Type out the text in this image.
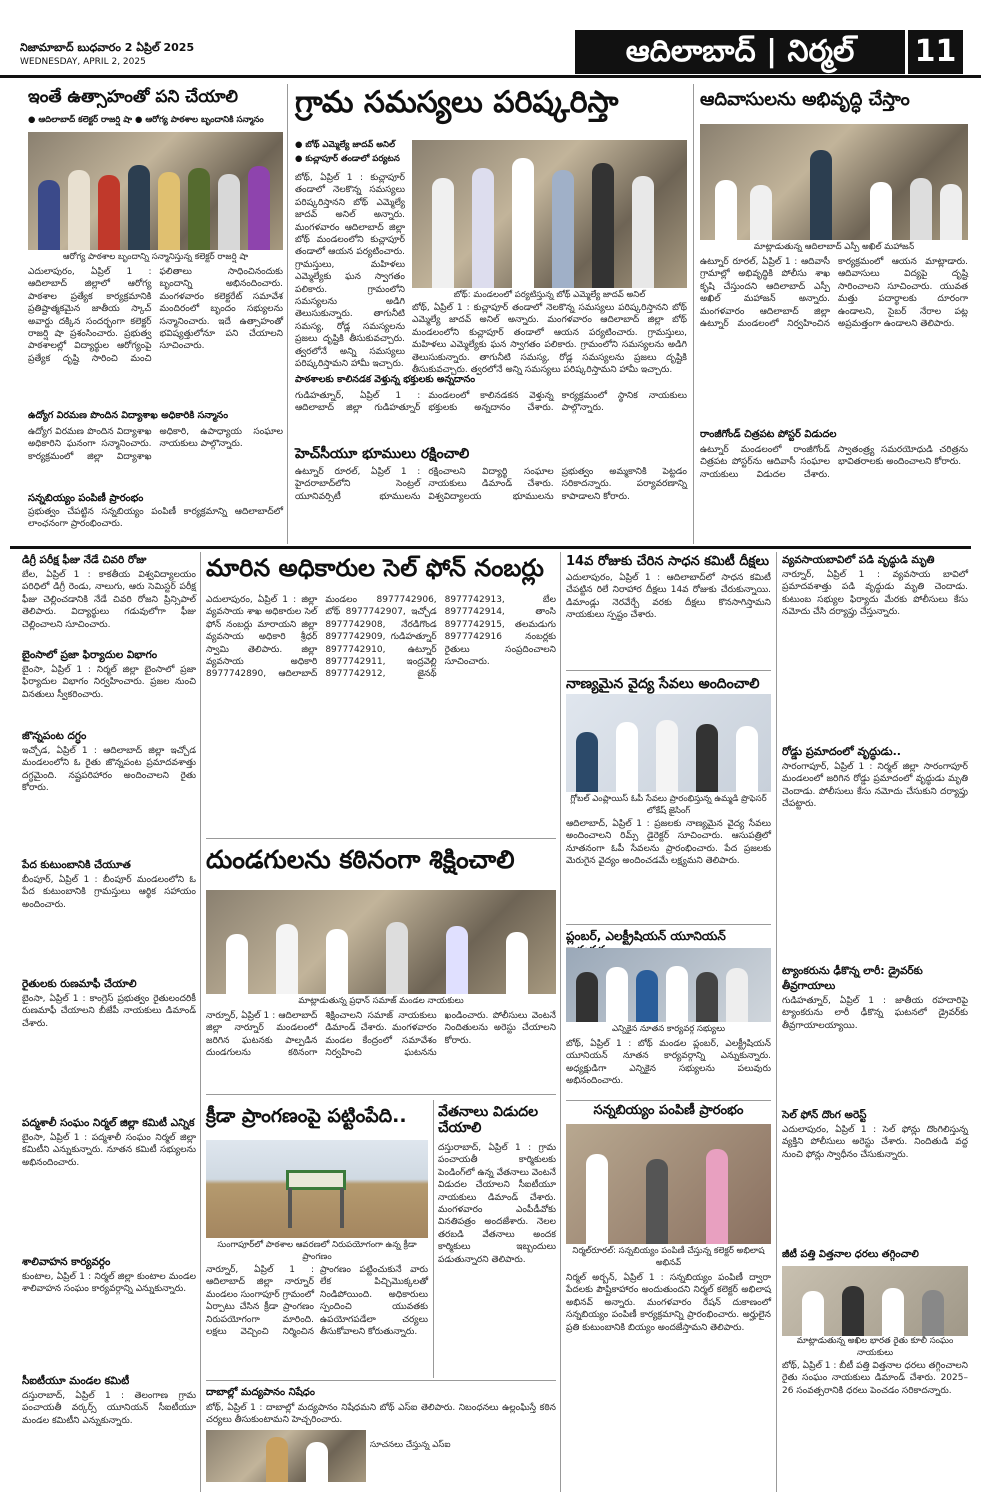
నిజామాబాద్ బుధవారం 2 ఏప్రిల్ 2025
WEDNESDAY, APRIL 2, 2025	ఆదిలాబాద్ | నిర్మల్	11
ఇంతే ఉత్సాహంతో పని చేయాలి
● ఆదిలాబాద్ కలెక్టర్ రాజర్షి షా ● ఆరోగ్య పాఠశాల బృందానికి సన్మానం
ఆరోగ్య పాఠశాల బృందాన్ని సన్మానిస్తున్న కలెక్టర్ రాజర్షి షా
ఎదులాపురం, ఏప్రిల్ 1 : ఆదిలాబాద్ జిల్లాలో ఆరోగ్య పాఠశాల ప్రత్యేక కార్యక్రమానికి ప్రతిష్టాత్మకమైన జాతీయ స్కాచ్ అవార్డు దక్కిన సందర్భంగా కలెక్టర్ రాజర్షి షా ప్రశంసించారు. ప్రభుత్వ పాఠశాలల్లో విద్యార్థుల ఆరోగ్యంపై ప్రత్యేక దృష్టి సారించి మంచి ఫలితాలు సాధించినందుకు బృందాన్ని అభినందించారు. మంగళవారం కలెక్టరేట్ సమావేశ మందిరంలో బృందం సభ్యులను సన్మానించారు. ఇదే ఉత్సాహంతో భవిష్యత్తులోనూ పని చేయాలని సూచించారు.
ఉద్యోగ విరమణ పొందిన విద్యాశాఖ అధికారికి సన్మానం
ఉద్యోగ విరమణ పొందిన విద్యాశాఖ అధికారిని ఘనంగా సన్మానించారు. కార్యక్రమంలో జిల్లా విద్యాశాఖ అధికారి, ఉపాధ్యాయ సంఘాల నాయకులు పాల్గొన్నారు.
సన్నబియ్యం పంపిణీ ప్రారంభం
ప్రభుత్వం చేపట్టిన సన్నబియ్యం పంపిణీ కార్యక్రమాన్ని ఆదిలాబాద్‌లో లాంఛనంగా ప్రారంభించారు.
గ్రామ సమస్యలు పరిష్కరిస్తా
● బోథ్ ఎమ్మెల్యే జాదవ్ అనిల్
● కుచ్లాపూర్ తండాలో పర్యటన
బోథ్, ఏప్రిల్ 1 : కుచ్లాపూర్ తండాలో నెలకొన్న సమస్యలు పరిష్కరిస్తానని బోథ్ ఎమ్మెల్యే జాదవ్ అనిల్ అన్నారు. మంగళవారం ఆదిలాబాద్ జిల్లా బోథ్ మండలంలోని కుచ్లాపూర్ తండాలో ఆయన పర్యటించారు. గ్రామస్తులు, మహిళలు ఎమ్మెల్యేకు ఘన స్వాగతం పలికారు. గ్రామంలోని సమస్యలను అడిగి తెలుసుకున్నారు. తాగునీటి సమస్య, రోడ్ల సమస్యలను ప్రజలు దృష్టికి తీసుకువచ్చారు. త్వరలోనే అన్ని సమస్యలు పరిష్కరిస్తామని హామీ ఇచ్చారు.
బోథ్: మండలంలో పర్యటిస్తున్న బోథ్ ఎమ్మెల్యే జాదవ్ అనిల్
బోథ్, ఏప్రిల్ 1 : కుచ్లాపూర్ తండాలో నెలకొన్న సమస్యలు పరిష్కరిస్తానని బోథ్ ఎమ్మెల్యే జాదవ్ అనిల్ అన్నారు. మంగళవారం ఆదిలాబాద్ జిల్లా బోథ్ మండలంలోని కుచ్లాపూర్ తండాలో ఆయన పర్యటించారు. గ్రామస్తులు, మహిళలు ఎమ్మెల్యేకు ఘన స్వాగతం పలికారు. గ్రామంలోని సమస్యలను అడిగి తెలుసుకున్నారు. తాగునీటి సమస్య, రోడ్ల సమస్యలను ప్రజలు దృష్టికి తీసుకువచ్చారు. త్వరలోనే అన్ని సమస్యలు పరిష్కరిస్తామని హామీ ఇచ్చారు.
పాఠశాలకు కాలినడక వెళ్తున్న భక్తులకు అన్నదానం
గుడిహత్నూర్, ఏప్రిల్ 1 : ఆదిలాబాద్ జిల్లా గుడిహత్నూర్ మండలంలో కాలినడకన వెళ్తున్న భక్తులకు అన్నదానం చేశారు. కార్యక్రమంలో స్థానిక నాయకులు పాల్గొన్నారు.
హెచ్‌సీయూ భూములు రక్షించాలి
ఉట్నూర్ రూరల్, ఏప్రిల్ 1 : హైదరాబాద్‌లోని సెంట్రల్ యూనివర్సిటీ భూములను రక్షించాలని విద్యార్థి సంఘాల నాయకులు డిమాండ్ చేశారు. విశ్వవిద్యాలయ భూములను ప్రభుత్వం అమ్మకానికి పెట్టడం సరికాదన్నారు. పర్యావరణాన్ని కాపాడాలని కోరారు.
ఆదివాసులను అభివృద్ధి చేస్తాం
మాట్లాడుతున్న ఆదిలాబాద్ ఎస్పీ అఖిల్ మహాజన్
ఉట్నూర్ రూరల్, ఏప్రిల్ 1 : ఆదివాసీ గ్రామాల్లో అభివృద్ధికి పోలీసు శాఖ కృషి చేస్తుందని ఆదిలాబాద్ ఎస్పీ అఖిల్ మహాజన్ అన్నారు. మంగళవారం ఆదిలాబాద్ జిల్లా ఉట్నూర్ మండలంలో నిర్వహించిన కార్యక్రమంలో ఆయన మాట్లాడారు. ఆదివాసులు విద్యపై దృష్టి సారించాలని సూచించారు. యువత మత్తు పదార్థాలకు దూరంగా ఉండాలని, సైబర్ నేరాల పట్ల అప్రమత్తంగా ఉండాలని తెలిపారు.
రాంజీగోండ్ చిత్రపట పోస్టర్ విడుదల
ఉట్నూర్ మండలంలో రాంజీగోండ్ చిత్రపట పోస్టర్‌ను ఆదివాసీ సంఘాల నాయకులు విడుదల చేశారు. స్వాతంత్ర్య సమరయోధుడి చరిత్రను భావితరాలకు అందించాలని కోరారు.
డిగ్రీ పరీక్ష ఫీజు నేడే చివరి రోజు
బేల, ఏప్రిల్ 1 : కాకతీయ విశ్వవిద్యాలయం పరిధిలో డిగ్రీ రెండు, నాలుగు, ఆరు సెమిస్టర్ పరీక్ష ఫీజు చెల్లించడానికి నేడే చివరి రోజని ప్రిన్సిపాల్ తెలిపారు. విద్యార్థులు గడువులోగా ఫీజు చెల్లించాలని సూచించారు.
బైంసాలో ప్రజా ఫిర్యాదుల విభాగం
బైంసా, ఏప్రిల్ 1 : నిర్మల్ జిల్లా బైంసాలో ప్రజా ఫిర్యాదుల విభాగం నిర్వహించారు. ప్రజల నుంచి వినతులు స్వీకరించారు.
జొన్నపంట దగ్ధం
ఇచ్చోడ, ఏప్రిల్ 1 : ఆదిలాబాద్ జిల్లా ఇచ్చోడ మండలంలోని ఓ రైతు జొన్నపంట ప్రమాదవశాత్తు దగ్ధమైంది. నష్టపరిహారం అందించాలని రైతు కోరారు.
పేద కుటుంబానికి చేయూత
బీంపూర్, ఏప్రిల్ 1 : బీంపూర్ మండలంలోని ఓ పేద కుటుంబానికి గ్రామస్తులు ఆర్థిక సహాయం అందించారు.
రైతులకు రుణమాఫీ చేయాలి
బైంసా, ఏప్రిల్ 1 : కాంగ్రెస్ ప్రభుత్వం రైతులందరికీ రుణమాఫీ చేయాలని బీజేపీ నాయకులు డిమాండ్ చేశారు.
పద్మశాలీ సంఘం నిర్మల్ జిల్లా కమిటీ ఎన్నిక
బైంసా, ఏప్రిల్ 1 : పద్మశాలీ సంఘం నిర్మల్ జిల్లా కమిటీని ఎన్నుకున్నారు. నూతన కమిటీ సభ్యులను అభినందించారు.
శాలివాహన కార్యవర్గం
కుంటాల, ఏప్రిల్ 1 : నిర్మల్ జిల్లా కుంటాల మండల శాలివాహన సంఘం కార్యవర్గాన్ని ఎన్నుకున్నారు.
సీఐటీయూ మండల కమిటీ
దస్తురాబాద్, ఏప్రిల్ 1 : తెలంగాణ గ్రామ పంచాయతీ వర్కర్స్ యూనియన్ సీఐటీయూ మండల కమిటీని ఎన్నుకున్నారు.
మారిన అధికారుల సెల్ ఫోన్ నంబర్లు
ఎదులాపురం, ఏప్రిల్ 1 : జిల్లా వ్యవసాయ శాఖ అధికారుల సెల్ ఫోన్ నంబర్లు మారాయని జిల్లా వ్యవసాయ అధికారి శ్రీధర్ స్వామి తెలిపారు. జిల్లా వ్యవసాయ అధికారి 8977742890, ఆదిలాబాద్ మండలం 8977742906, బోథ్ 8977742907, ఇచ్చోడ 8977742908, నేరడిగొండ 8977742909, గుడిహత్నూర్ 8977742910, ఉట్నూర్ 8977742911, ఇంద్రవెల్లి 8977742912, జైనథ్ 8977742913, బేల 8977742914, తాంసి 8977742915, తలమడుగు 8977742916 నంబర్లకు రైతులు సంప్రదించాలని సూచించారు.
దుండగులను కఠినంగా శిక్షించాలి
మాట్లాడుతున్న ప్రధాన్ సమాజ్ మండల నాయకులు
నార్నూర్, ఏప్రిల్ 1 : ఆదిలాబాద్ జిల్లా నార్నూర్ మండలంలో జరిగిన ఘటనకు పాల్పడిన దుండగులను కఠినంగా శిక్షించాలని సమాజ్ నాయకులు డిమాండ్ చేశారు. మంగళవారం మండల కేంద్రంలో సమావేశం నిర్వహించి ఘటనను ఖండించారు. పోలీసులు వెంటనే నిందితులను అరెస్టు చేయాలని కోరారు.
క్రీడా ప్రాంగణంపై పట్టింపేది..
సుంగాపూర్‌లో పాఠశాల ఆవరణలో నిరుపయోగంగా ఉన్న క్రీడా ప్రాంగణం
నార్నూర్, ఏప్రిల్ 1 : ఆదిలాబాద్ జిల్లా నార్నూర్ మండలం సుంగాపూర్ గ్రామంలో ఏర్పాటు చేసిన క్రీడా ప్రాంగణం నిరుపయోగంగా మారింది. లక్షలు వెచ్చించి నిర్మించిన ప్రాంగణం పట్టించుకునే వారు లేక పిచ్చిమొక్కలతో నిండిపోయింది. అధికారులు స్పందించి యువతకు ఉపయోగపడేలా చర్యలు తీసుకోవాలని కోరుతున్నారు.
దాబాల్లో మద్యపానం నిషేధం
బోథ్, ఏప్రిల్ 1 : దాబాల్లో మద్యపానం నిషేధమని బోథ్ ఎస్ఐ తెలిపారు. నిబంధనలు ఉల్లంఘిస్తే కఠిన చర్యలు తీసుకుంటామని హెచ్చరించారు.
సూచనలు చేస్తున్న ఎస్ఐ
వేతనాలు విడుదల చేయాలి
దస్తురాబాద్, ఏప్రిల్ 1 : గ్రామ పంచాయతీ కార్మికులకు పెండింగ్‌లో ఉన్న వేతనాలు వెంటనే విడుదల చేయాలని సీఐటీయూ నాయకులు డిమాండ్ చేశారు. మంగళవారం ఎంపీడీవోకు వినతిపత్రం అందజేశారు. నెలల తరబడి వేతనాలు అందక కార్మికులు ఇబ్బందులు పడుతున్నారని తెలిపారు.
14వ రోజుకు చేరిన సాధన కమిటీ దీక్షలు
ఎదులాపురం, ఏప్రిల్ 1 : ఆదిలాబాద్‌లో సాధన కమిటీ చేపట్టిన రిలే నిరాహార దీక్షలు 14వ రోజుకు చేరుకున్నాయి. డిమాండ్లు నెరవేర్చే వరకు దీక్షలు కొనసాగిస్తామని నాయకులు స్పష్టం చేశారు.
నాణ్యమైన వైద్య సేవలు అందించాలి
గ్లోబల్ ఎంప్లాయిస్ ఓపీ సేవలు ప్రారంభిస్తున్న ఉమ్మడి ప్రొఫెసర్ లోకేష్ జైసింగ్
ఆదిలాబాద్, ఏప్రిల్ 1 : ప్రజలకు నాణ్యమైన వైద్య సేవలు అందించాలని రిమ్స్ డైరెక్టర్ సూచించారు. ఆసుపత్రిలో నూతనంగా ఓపీ సేవలను ప్రారంభించారు. పేద ప్రజలకు మెరుగైన వైద్యం అందించడమే లక్ష్యమని తెలిపారు.
ప్లంబర్, ఎలక్ట్రీషియన్ యూనియన్
ఎన్నికైన నూతన కార్యవర్గ సభ్యులు
బోథ్, ఏప్రిల్ 1 : బోథ్ మండల ప్లంబర్, ఎలక్ట్రీషియన్ యూనియన్ నూతన కార్యవర్గాన్ని ఎన్నుకున్నారు. అధ్యక్షుడిగా ఎన్నికైన సభ్యులను పలువురు అభినందించారు.
సన్నబియ్యం పంపిణీ ప్రారంభం
నిర్మల్‌రూరల్: సన్నబియ్యం పంపిణీ చేస్తున్న కలెక్టర్ అభిలాష అభినవ్
నిర్మల్ అర్బన్, ఏప్రిల్ 1 : సన్నబియ్యం పంపిణీ ద్వారా పేదలకు పౌష్టికాహారం అందుతుందని నిర్మల్ కలెక్టర్ అభిలాష అభినవ్ అన్నారు. మంగళవారం రేషన్ దుకాణంలో సన్నబియ్యం పంపిణీ కార్యక్రమాన్ని ప్రారంభించారు. అర్హులైన ప్రతి కుటుంబానికి బియ్యం అందజేస్తామని తెలిపారు.
వ్యవసాయబావిలో పడి వృద్ధుడి మృతి
నార్నూర్, ఏప్రిల్ 1 : వ్యవసాయ బావిలో ప్రమాదవశాత్తు పడి వృద్ధుడు మృతి చెందాడు. కుటుంబ సభ్యుల ఫిర్యాదు మేరకు పోలీసులు కేసు నమోదు చేసి దర్యాప్తు చేస్తున్నారు.
రోడ్డు ప్రమాదంలో వృద్ధుడు..
సారంగాపూర్, ఏప్రిల్ 1 : నిర్మల్ జిల్లా సారంగాపూర్ మండలంలో జరిగిన రోడ్డు ప్రమాదంలో వృద్ధుడు మృతి చెందాడు. పోలీసులు కేసు నమోదు చేసుకుని దర్యాప్తు చేపట్టారు.
ట్యాంకరును ఢీకొన్న లారీ: డ్రైవర్‌కు తీవ్రగాయాలు
గుడిహత్నూర్, ఏప్రిల్ 1 : జాతీయ రహదారిపై ట్యాంకరును లారీ ఢీకొన్న ఘటనలో డ్రైవర్‌కు తీవ్రగాయాలయ్యాయి.
సెల్ ఫోన్ దొంగ అరెస్ట్
ఎదులాపురం, ఏప్రిల్ 1 : సెల్ ఫోన్లు దొంగిలిస్తున్న వ్యక్తిని పోలీసులు అరెస్టు చేశారు. నిందితుడి వద్ద నుంచి ఫోన్లు స్వాధీనం చేసుకున్నారు.
జీటీ పత్తి విత్తనాల ధరలు తగ్గించాలి
మాట్లాడుతున్న అఖిల భారత రైతు కూలీ సంఘం నాయకులు
బోథ్, ఏప్రిల్ 1 : బీటీ పత్తి విత్తనాల ధరలు తగ్గించాలని రైతు సంఘం నాయకులు డిమాండ్ చేశారు. 2025–26 సంవత్సరానికి ధరలు పెంచడం సరికాదన్నారు.
